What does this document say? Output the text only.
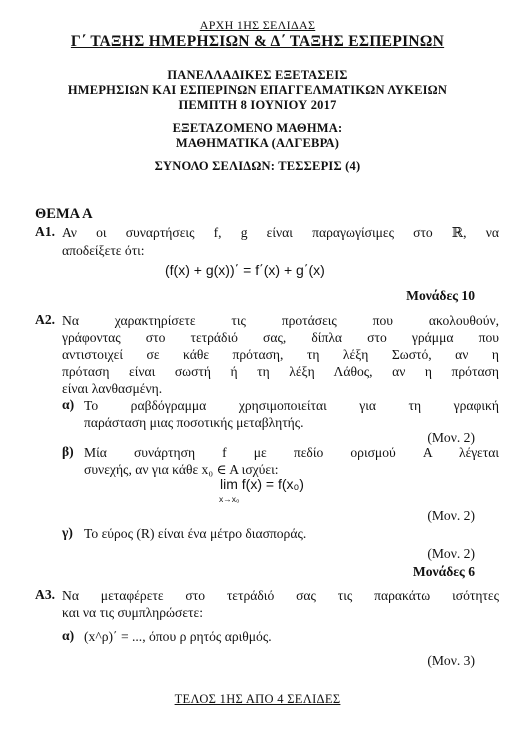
ΑΡΧΗ 1ΗΣ ΣΕΛΙΔΑΣ
Γ΄ ΤΑΞΗΣ ΗΜΕΡΗΣΙΩΝ & Δ΄ ΤΑΞΗΣ ΕΣΠΕΡΙΝΩΝ
ΠΑΝΕΛΛΑΔΙΚΕΣ ΕΞΕΤΑΣΕΙΣ
ΗΜΕΡΗΣΙΩΝ ΚΑΙ ΕΣΠΕΡΙΝΩΝ ΕΠΑΓΓΕΛΜΑΤΙΚΩΝ ΛΥΚΕΙΩΝ
ΠΕΜΠΤΗ 8 ΙΟΥΝΙΟΥ 2017
ΕΞΕΤΑΖΟΜΕΝΟ ΜΑΘΗΜΑ:
ΜΑΘΗΜΑΤΙΚΑ (ΑΛΓΕΒΡΑ)
ΣΥΝΟΛΟ ΣΕΛΙΔΩΝ: ΤΕΣΣΕΡΙΣ (4)
ΘΕΜΑ Α
Α1. Αν οι συναρτήσεις f, g είναι παραγωγίσιμες στο ℝ, να
αποδείξετε ότι:
(f(x) + g(x))΄ = f΄(x) + g΄(x)
Μονάδες 10
Α2. Να χαρακτηρίσετε τις προτάσεις που ακολουθούν,
γράφοντας στο τετράδιό σας, δίπλα στο γράμμα που
αντιστοιχεί σε κάθε πρόταση, τη λέξη Σωστό, αν η
πρόταση είναι σωστή ή τη λέξη Λάθος, αν η πρόταση
είναι λανθασμένη.
α) Το ραβδόγραμμα χρησιμοποιείται για τη γραφική
παράσταση μιας ποσοτικής μεταβλητής.
(Μον. 2)
β) Μία συνάρτηση f με πεδίο ορισμού A λέγεται
συνεχής, αν για κάθε x₀ ∈ A ισχύει:
lim f(x) = f(x₀)
x→x₀
(Μον. 2)
γ) Το εύρος (R) είναι ένα μέτρο διασποράς.
(Μον. 2)
Μονάδες 6
Α3. Να μεταφέρετε στο τετράδιό σας τις παρακάτω ισότητες
και να τις συμπληρώσετε:
α) (x^ρ)΄ = ..., όπου ρ ρητός αριθμός.
(Μον. 3)
ΤΕΛΟΣ 1ΗΣ ΑΠΟ 4 ΣΕΛΙΔΕΣ
